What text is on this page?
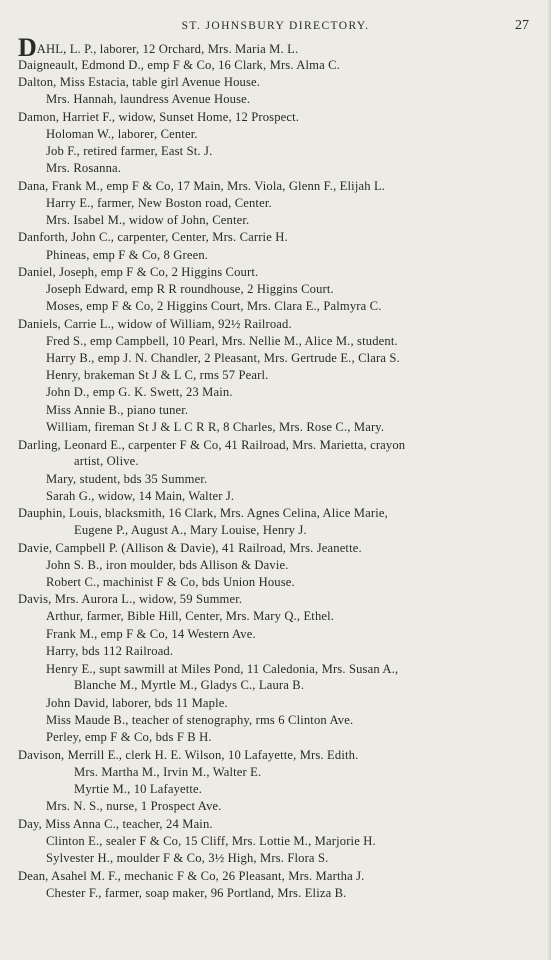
ST. JOHNSBURY DIRECTORY.	27
DAHL, L. P., laborer, 12 Orchard, Mrs. Maria M. L.
Daigneault, Edmond D., emp F & Co, 16 Clark, Mrs. Alma C.
Dalton, Miss Estacia, table girl Avenue House.
Mrs. Hannah, laundress Avenue House.
Damon, Harriet F., widow, Sunset Home, 12 Prospect.
Holoman W., laborer, Center.
Job F., retired farmer, East St. J.
Mrs. Rosanna.
Dana, Frank M., emp F & Co, 17 Main, Mrs. Viola, Glenn F., Elijah L.
Harry E., farmer, New Boston road, Center.
Mrs. Isabel M., widow of John, Center.
Danforth, John C., carpenter, Center, Mrs. Carrie H.
Phineas, emp F & Co, 8 Green.
Daniel, Joseph, emp F & Co, 2 Higgins Court.
Joseph Edward, emp R R roundhouse, 2 Higgins Court.
Moses, emp F & Co, 2 Higgins Court, Mrs. Clara E., Palmyra C.
Daniels, Carrie L., widow of William, 92½ Railroad.
Fred S., emp Campbell, 10 Pearl, Mrs. Nellie M., Alice M., student.
Harry B., emp J. N. Chandler, 2 Pleasant, Mrs. Gertrude E., Clara S.
Henry, brakeman St J & L C, rms 57 Pearl.
John D., emp G. K. Swett, 23 Main.
Miss Annie B., piano tuner.
William, fireman St J & L C R R, 8 Charles, Mrs. Rose C., Mary.
Darling, Leonard E., carpenter F & Co, 41 Railroad, Mrs. Marietta, crayon
artist, Olive.
Mary, student, bds 35 Summer.
Sarah G., widow, 14 Main, Walter J.
Dauphin, Louis, blacksmith, 16 Clark, Mrs. Agnes Celina, Alice Marie,
Eugene P., August A., Mary Louise, Henry J.
Davie, Campbell P. (Allison & Davie), 41 Railroad, Mrs. Jeanette.
John S. B., iron moulder, bds Allison & Davie.
Robert C., machinist F & Co, bds Union House.
Davis, Mrs. Aurora L., widow, 59 Summer.
Arthur, farmer, Bible Hill, Center, Mrs. Mary Q., Ethel.
Frank M., emp F & Co, 14 Western Ave.
Harry, bds 112 Railroad.
Henry E., supt sawmill at Miles Pond, 11 Caledonia, Mrs. Susan A.,
Blanche M., Myrtle M., Gladys C., Laura B.
John David, laborer, bds 11 Maple.
Miss Maude B., teacher of stenography, rms 6 Clinton Ave.
Perley, emp F & Co, bds F B H.
Davison, Merrill E., clerk H. E. Wilson, 10 Lafayette, Mrs. Edith.
Mrs. Martha M., Irvin M., Walter E.
Myrtie M., 10 Lafayette.
Mrs. N. S., nurse, 1 Prospect Ave.
Day, Miss Anna C., teacher, 24 Main.
Clinton E., sealer F & Co, 15 Cliff, Mrs. Lottie M., Marjorie H.
Sylvester H., moulder F & Co, 3½ High, Mrs. Flora S.
Dean, Asahel M. F., mechanic F & Co, 26 Pleasant, Mrs. Martha J.
Chester F., farmer, soap maker, 96 Portland, Mrs. Eliza B.
